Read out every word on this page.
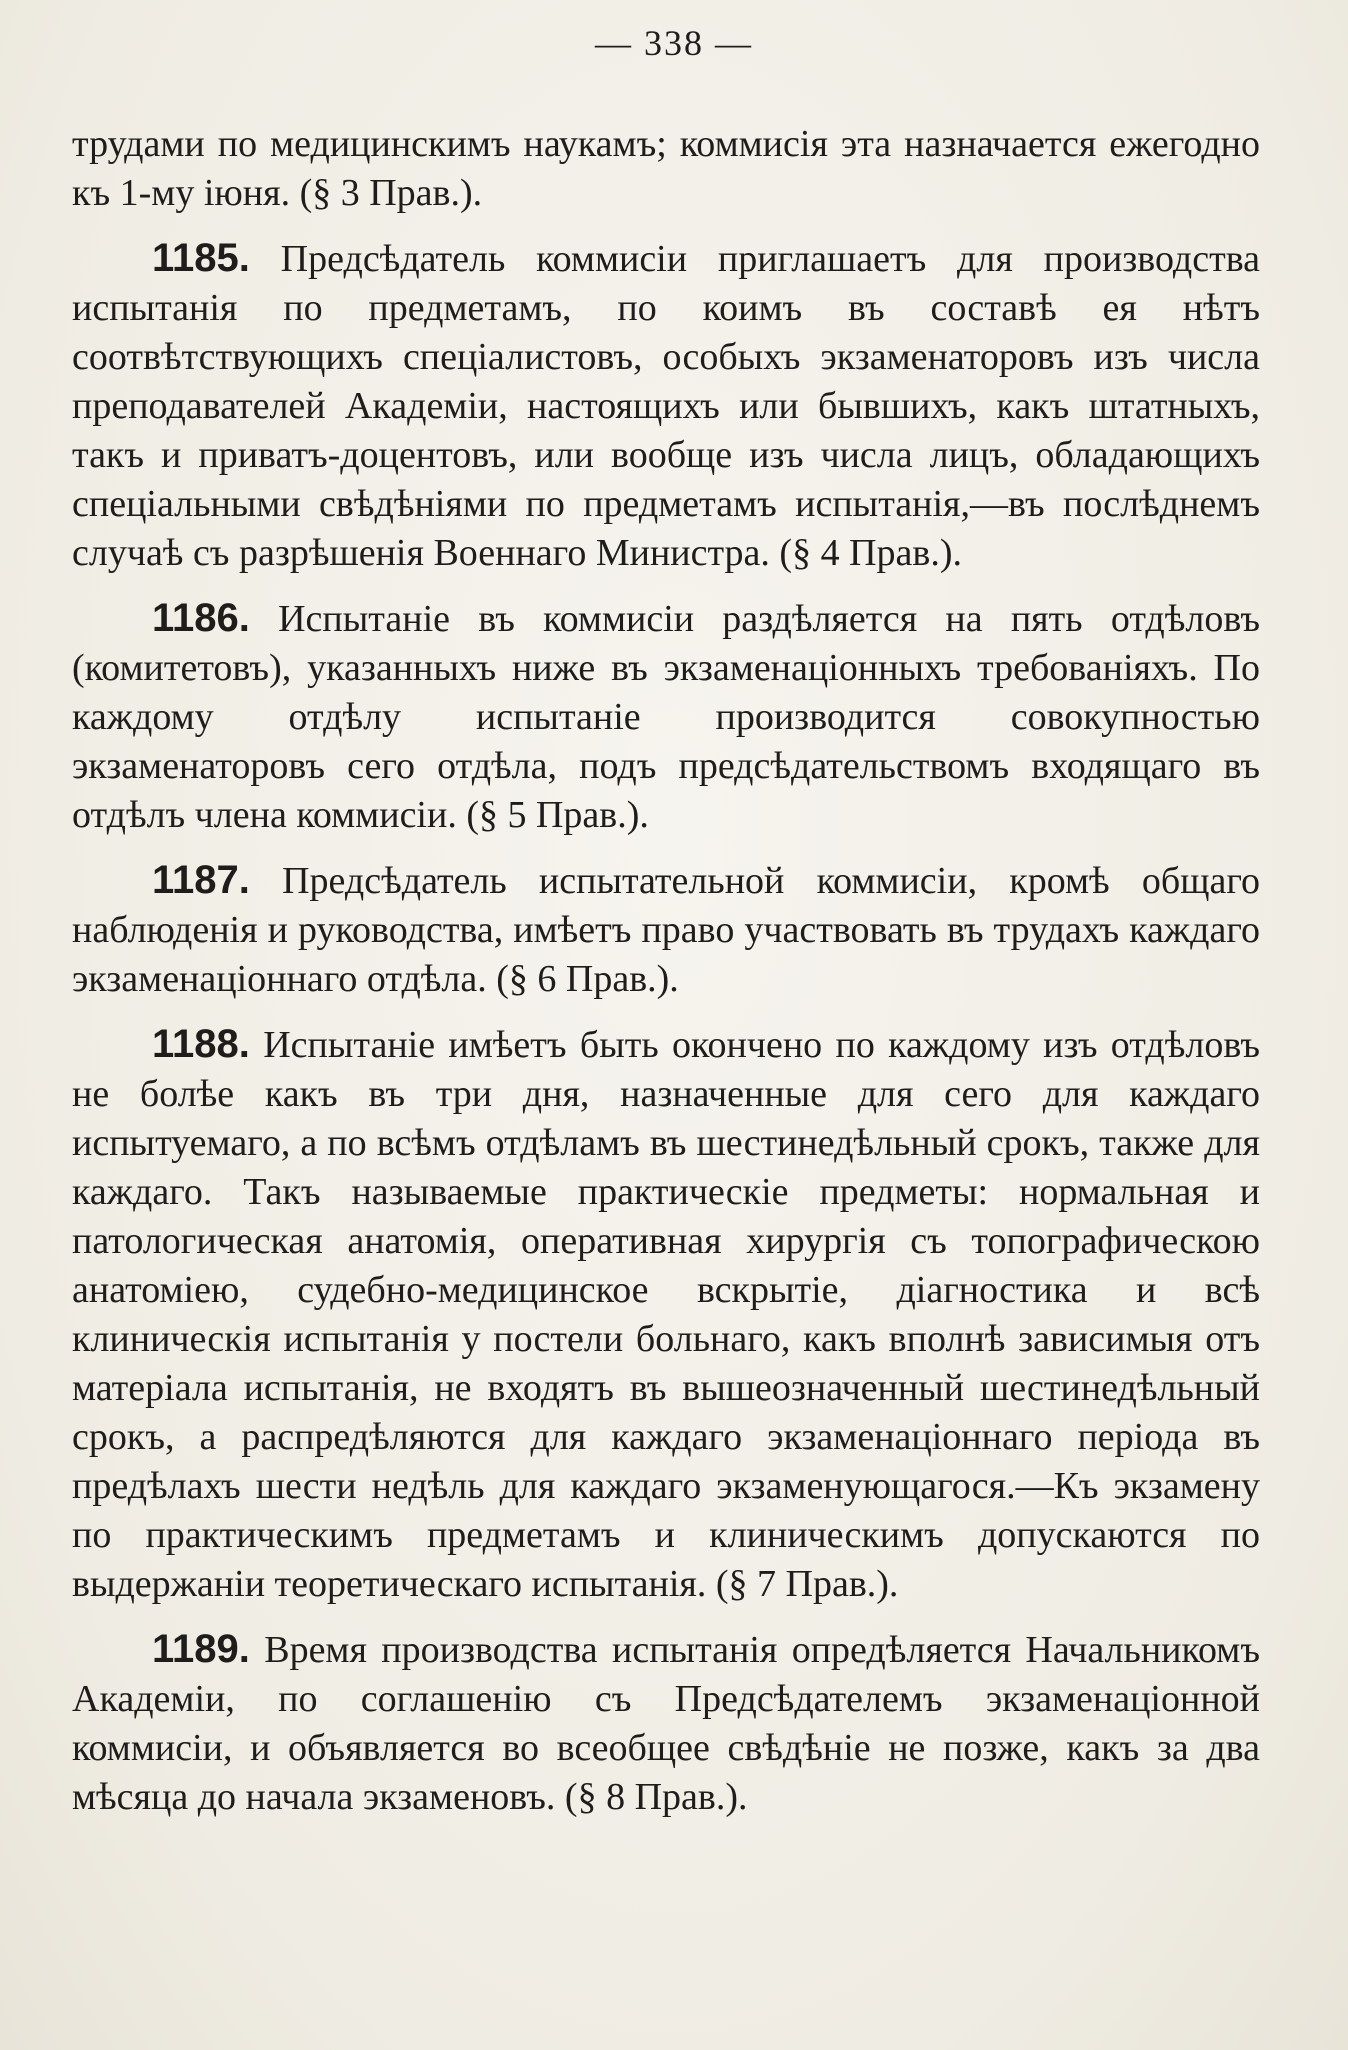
— 338 —

трудами по медицинскимъ наукамъ; коммисія эта назначается ежегодно къ 1-му іюня. (§ 3 Прав.).

1185. Предсѣдатель коммисіи приглашаетъ для производства испытанія по предметамъ, по коимъ въ составѣ ея нѣтъ соотвѣтствующихъ спеціалистовъ, особыхъ экзаменаторовъ изъ числа преподавателей Академіи, настоящихъ или бывшихъ, какъ штатныхъ, такъ и приватъ-доцентовъ, или вообще изъ числа лицъ, обладающихъ спеціальными свѣдѣніями по предметамъ испытанія,—въ послѣднемъ случаѣ съ разрѣшенія Военнаго Министра. (§ 4 Прав.).

1186. Испытаніе въ коммисіи раздѣляется на пять отдѣловъ (комитетовъ), указанныхъ ниже въ экзаменаціонныхъ требованіяхъ. По каждому отдѣлу испытаніе производится совокупностью экзаменаторовъ сего отдѣла, подъ предсѣдательствомъ входящаго въ отдѣлъ члена коммисіи. (§ 5 Прав.).

1187. Предсѣдатель испытательной коммисіи, кромѣ общаго наблюденія и руководства, имѣетъ право участвовать въ трудахъ каждаго экзаменаціоннаго отдѣла. (§ 6 Прав.).

1188. Испытаніе имѣетъ быть окончено по каждому изъ отдѣловъ не болѣе какъ въ три дня, назначенные для сего для каждаго испытуемаго, а по всѣмъ отдѣламъ въ шестинедѣльный срокъ, также для каждаго. Такъ называемые практическіе предметы: нормальная и патологическая анатомія, оперативная хирургія съ топографическою анатоміею, судебно-медицинское вскрытіе, діагностика и всѣ клиническія испытанія у постели больнаго, какъ вполнѣ зависимыя отъ матеріала испытанія, не входятъ въ вышеозначенный шестинедѣльный срокъ, а распредѣляются для каждаго экзаменаціоннаго періода въ предѣлахъ шести недѣль для каждаго экзаменующагося.—Къ экзамену по практическимъ предметамъ и клиническимъ допускаются по выдержаніи теоретическаго испытанія. (§ 7 Прав.).

1189. Время производства испытанія опредѣляется Начальникомъ Академіи, по соглашенію съ Предсѣдателемъ экзаменаціонной коммисіи, и объявляется во всеобщее свѣдѣніе не позже, какъ за два мѣсяца до начала экзаменовъ. (§ 8 Прав.).
